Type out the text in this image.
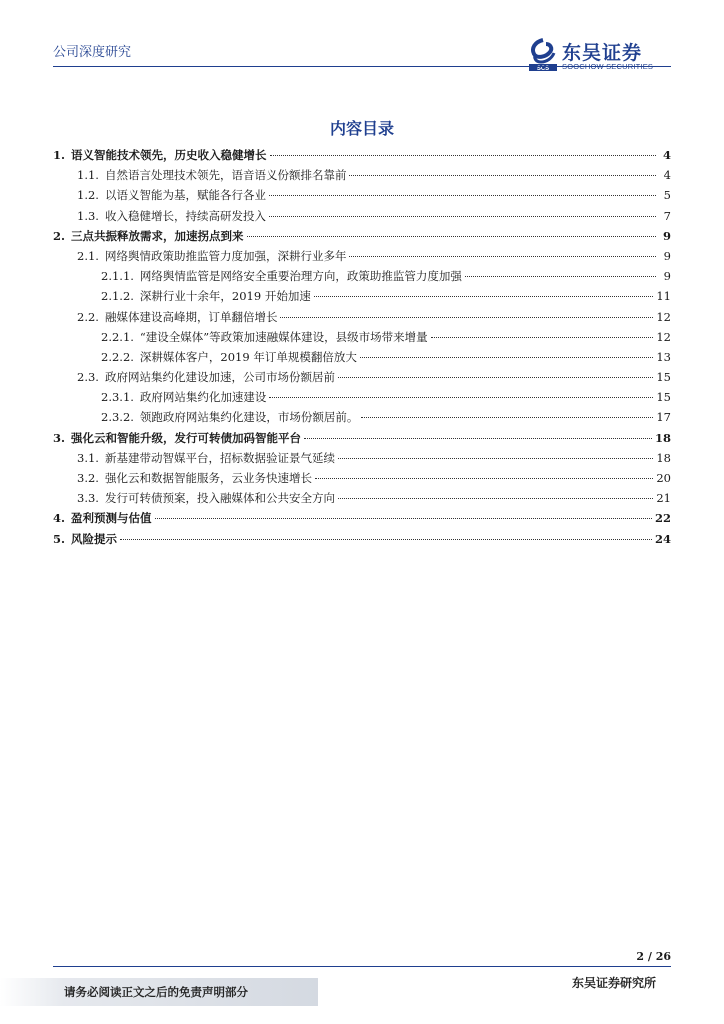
公司深度研究
SCS
东吴证券
SOOCHOW SECURITIES
内容目录
1. 语义智能技术领先，历史收入稳健增长	4
1.1. 自然语言处理技术领先，语音语义份额排名靠前	4
1.2. 以语义智能为基，赋能各行各业	5
1.3. 收入稳健增长，持续高研发投入	7
2. 三点共振释放需求，加速拐点到来	9
2.1. 网络舆情政策助推监管力度加强，深耕行业多年	9
2.1.1. 网络舆情监管是网络安全重要治理方向，政策助推监管力度加强	9
2.1.2. 深耕行业十余年，2019 开始加速	11
2.2. 融媒体建设高峰期，订单翻倍增长	12
2.2.1. “建设全媒体”等政策加速融媒体建设，县级市场带来增量	12
2.2.2. 深耕媒体客户，2019 年订单规模翻倍放大	13
2.3. 政府网站集约化建设加速，公司市场份额居前	15
2.3.1. 政府网站集约化加速建设	15
2.3.2. 领跑政府网站集约化建设，市场份额居前。	17
3. 强化云和智能升级，发行可转债加码智能平台	18
3.1. 新基建带动智媒平台，招标数据验证景气延续	18
3.2. 强化云和数据智能服务，云业务快速增长	20
3.3. 发行可转债预案，投入融媒体和公共安全方向	21
4. 盈利预测与估值	22
5. 风险提示	24
2 / 26
请务必阅读正文之后的免责声明部分
东吴证券研究所
